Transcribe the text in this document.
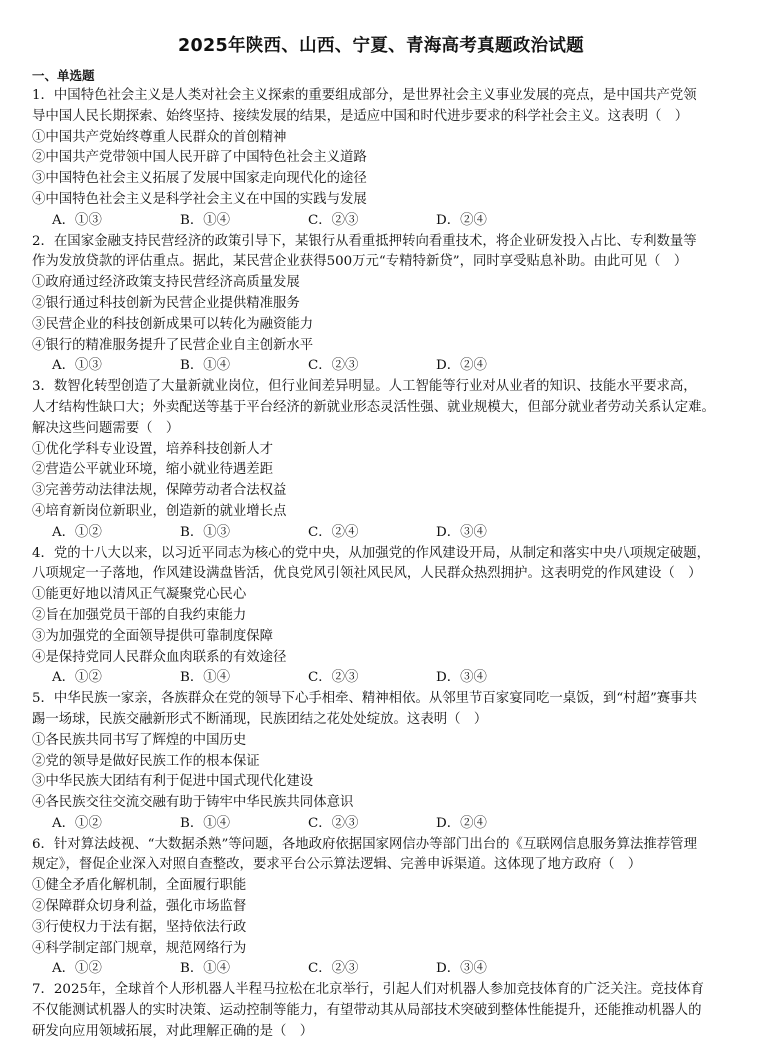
2025年陕西、山西、宁夏、青海高考真题政治试题
一、单选题
1．中国特色社会主义是人类对社会主义探索的重要组成部分，是世界社会主义事业发展的亮点，是中国共产党领
导中国人民长期探索、始终坚持、接续发展的结果，是适应中国和时代进步要求的科学社会主义。这表明（　）
①中国共产党始终尊重人民群众的首创精神
②中国共产党带领中国人民开辟了中国特色社会主义道路
③中国特色社会主义拓展了发展中国家走向现代化的途径
④中国特色社会主义是科学社会主义在中国的实践与发展
A．①③	B．①④	C．②③	D．②④
2．在国家金融支持民营经济的政策引导下，某银行从看重抵押转向看重技术，将企业研发投入占比、专利数量等
作为发放贷款的评估重点。据此，某民营企业获得500万元“专精特新贷”，同时享受贴息补助。由此可见（　）
①政府通过经济政策支持民营经济高质量发展
②银行通过科技创新为民营企业提供精准服务
③民营企业的科技创新成果可以转化为融资能力
④银行的精准服务提升了民营企业自主创新水平
A．①③	B．①④	C．②③	D．②④
3．数智化转型创造了大量新就业岗位，但行业间差异明显。人工智能等行业对从业者的知识、技能水平要求高，
人才结构性缺口大；外卖配送等基于平台经济的新就业形态灵活性强、就业规模大，但部分就业者劳动关系认定难。
解决这些问题需要（　）
①优化学科专业设置，培养科技创新人才
②营造公平就业环境，缩小就业待遇差距
③完善劳动法律法规，保障劳动者合法权益
④培育新岗位新职业，创造新的就业增长点
A．①②	B．①③	C．②④	D．③④
4．党的十八大以来，以习近平同志为核心的党中央，从加强党的作风建设开局，从制定和落实中央八项规定破题，
八项规定一子落地，作风建设满盘皆活，优良党风引领社风民风，人民群众热烈拥护。这表明党的作风建设（　）
①能更好地以清风正气凝聚党心民心
②旨在加强党员干部的自我约束能力
③为加强党的全面领导提供可靠制度保障
④是保持党同人民群众血肉联系的有效途径
A．①②	B．①④	C．②③	D．③④
5．中华民族一家亲，各族群众在党的领导下心手相牵、精神相依。从邻里节百家宴同吃一桌饭，到“村超”赛事共
踢一场球，民族交融新形式不断涌现，民族团结之花处处绽放。这表明（　）
①各民族共同书写了辉煌的中国历史
②党的领导是做好民族工作的根本保证
③中华民族大团结有利于促进中国式现代化建设
④各民族交往交流交融有助于铸牢中华民族共同体意识
A．①②	B．①④	C．②③	D．②④
6．针对算法歧视、“大数据杀熟”等问题，各地政府依据国家网信办等部门出台的《互联网信息服务算法推荐管理
规定》，督促企业深入对照自查整改，要求平台公示算法逻辑、完善申诉渠道。这体现了地方政府（　）
①健全矛盾化解机制，全面履行职能
②保障群众切身利益，强化市场监督
③行使权力于法有据，坚持依法行政
④科学制定部门规章，规范网络行为
A．①②	B．①④	C．②③	D．③④
7．2025年，全球首个人形机器人半程马拉松在北京举行，引起人们对机器人参加竞技体育的广泛关注。竞技体育
不仅能测试机器人的实时决策、运动控制等能力，有望带动其从局部技术突破到整体性能提升，还能推动机器人的
研发向应用领域拓展，对此理解正确的是（　）
